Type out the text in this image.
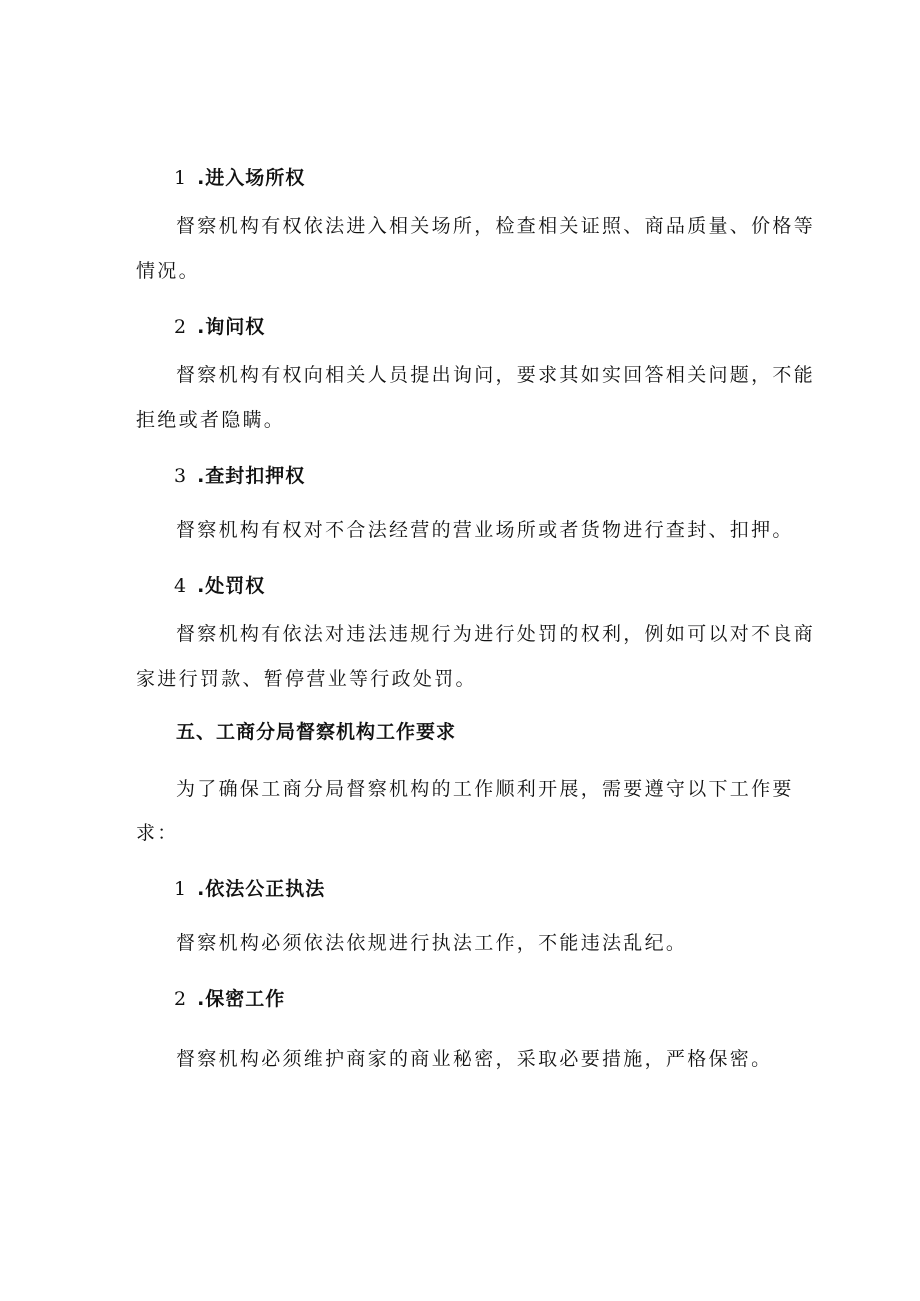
1 .进入场所权
督察机构有权依法进入相关场所，检查相关证照、商品质量、价格等
情况。
2 .询问权
督察机构有权向相关人员提出询问，要求其如实回答相关问题，不能
拒绝或者隐瞒。
3 .查封扣押权
督察机构有权对不合法经营的营业场所或者货物进行查封、扣押。
4 .处罚权
督察机构有依法对违法违规行为进行处罚的权利，例如可以对不良商
家进行罚款、暂停营业等行政处罚。
五、工商分局督察机构工作要求
为了确保工商分局督察机构的工作顺利开展，需要遵守以下工作要
求：
1 .依法公正执法
督察机构必须依法依规进行执法工作，不能违法乱纪。
2 .保密工作
督察机构必须维护商家的商业秘密，采取必要措施，严格保密。
